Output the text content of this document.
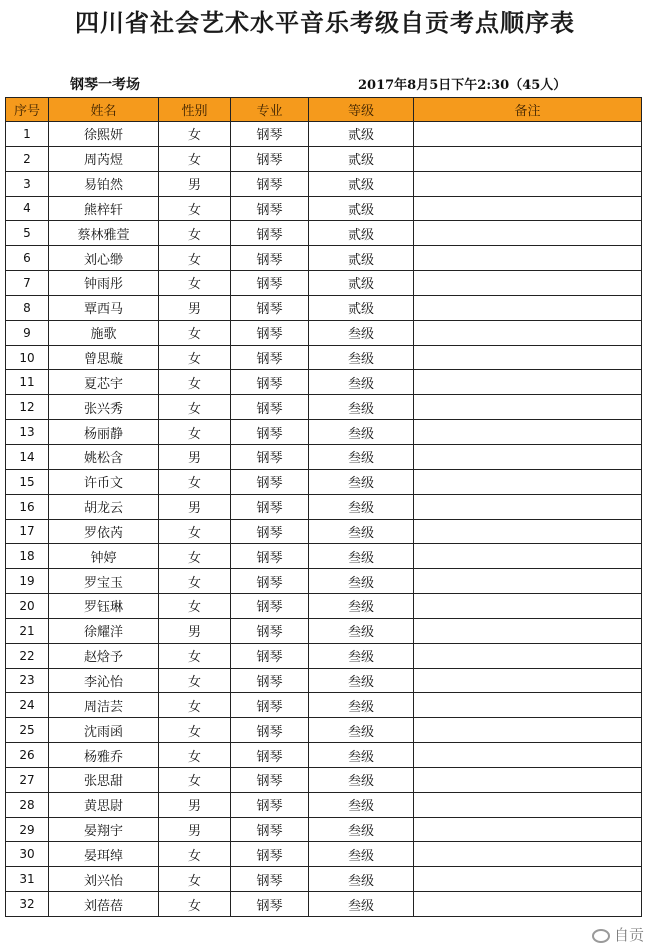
四川省社会艺术水平音乐考级自贡考点顺序表
钢琴一考场	2017年8月5日下午2:30（45人）
序号	姓名	性别	专业	等级	备注
1	徐熙妍	女	钢琴	贰级	
2	周芮煜	女	钢琴	贰级	
3	易铂然	男	钢琴	贰级	
4	熊梓轩	女	钢琴	贰级	
5	蔡林雅萱	女	钢琴	贰级	
6	刘心缈	女	钢琴	贰级	
7	钟雨彤	女	钢琴	贰级	
8	覃西马	男	钢琴	贰级	
9	施歌	女	钢琴	叁级	
10	曾思璇	女	钢琴	叁级	
11	夏芯宇	女	钢琴	叁级	
12	张兴秀	女	钢琴	叁级	
13	杨丽静	女	钢琴	叁级	
14	姚松含	男	钢琴	叁级	
15	许币文	女	钢琴	叁级	
16	胡龙云	男	钢琴	叁级	
17	罗依芮	女	钢琴	叁级	
18	钟婷	女	钢琴	叁级	
19	罗宝玉	女	钢琴	叁级	
20	罗钰琳	女	钢琴	叁级	
21	徐耀洋	男	钢琴	叁级	
22	赵焓予	女	钢琴	叁级	
23	李沁怡	女	钢琴	叁级	
24	周洁芸	女	钢琴	叁级	
25	沈雨函	女	钢琴	叁级	
26	杨雅乔	女	钢琴	叁级	
27	张思甜	女	钢琴	叁级	
28	黄思尉	男	钢琴	叁级	
29	晏翔宇	男	钢琴	叁级	
30	晏珥绰	女	钢琴	叁级	
31	刘兴怡	女	钢琴	叁级	
32	刘蓓蓓	女	钢琴	叁级	
自贡
